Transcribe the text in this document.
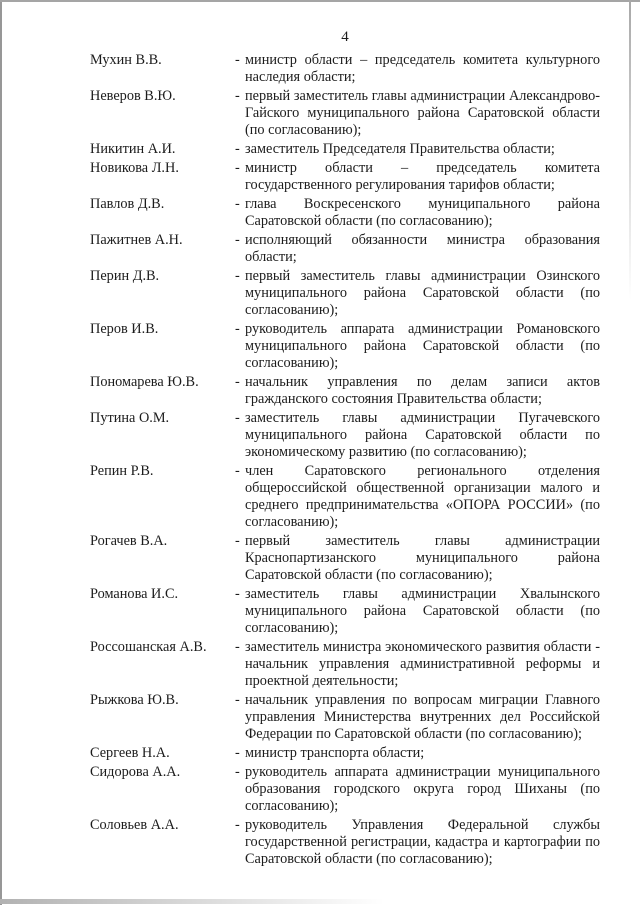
4
Мухин В.В.	- министр области – председатель комитета культурного наследия области;
Неверов В.Ю.	- первый заместитель главы администрации Александрово-Гайского муниципального района Саратовской области (по согласованию);
Никитин А.И.	- заместитель Председателя Правительства области;
Новикова Л.Н.	- министр области – председатель комитета государственного регулирования тарифов области;
Павлов Д.В.	- глава Воскресенского муниципального района Саратовской области (по согласованию);
Пажитнев А.Н.	- исполняющий обязанности министра образования области;
Перин Д.В.	- первый заместитель главы администрации Озинского муниципального района Саратовской области (по согласованию);
Перов И.В.	- руководитель аппарата администрации Романовского муниципального района Саратовской области (по согласованию);
Пономарева Ю.В.	- начальник управления по делам записи актов гражданского состояния Правительства области;
Путина О.М.	- заместитель главы администрации Пугачевского муниципального района Саратовской области по экономическому развитию (по согласованию);
Репин Р.В.	- член Саратовского регионального отделения общероссийской общественной организации малого и среднего предпринимательства «ОПОРА РОССИИ» (по согласованию);
Рогачев В.А.	- первый заместитель главы администрации Краснопартизанского муниципального района Саратовской области (по согласованию);
Романова И.С.	- заместитель главы администрации Хвалынского муниципального района Саратовской области (по согласованию);
Россошанская А.В.	- заместитель министра экономического развития области - начальник управления административной реформы и проектной деятельности;
Рыжкова Ю.В.	- начальник управления по вопросам миграции Главного управления Министерства внутренних дел Российской Федерации по Саратовской области (по согласованию);
Сергеев Н.А.	- министр транспорта области;
Сидорова А.А.	- руководитель аппарата администрации муниципального образования городского округа город Шиханы (по согласованию);
Соловьев А.А.	- руководитель Управления Федеральной службы государственной регистрации, кадастра и картографии по Саратовской области (по согласованию);
